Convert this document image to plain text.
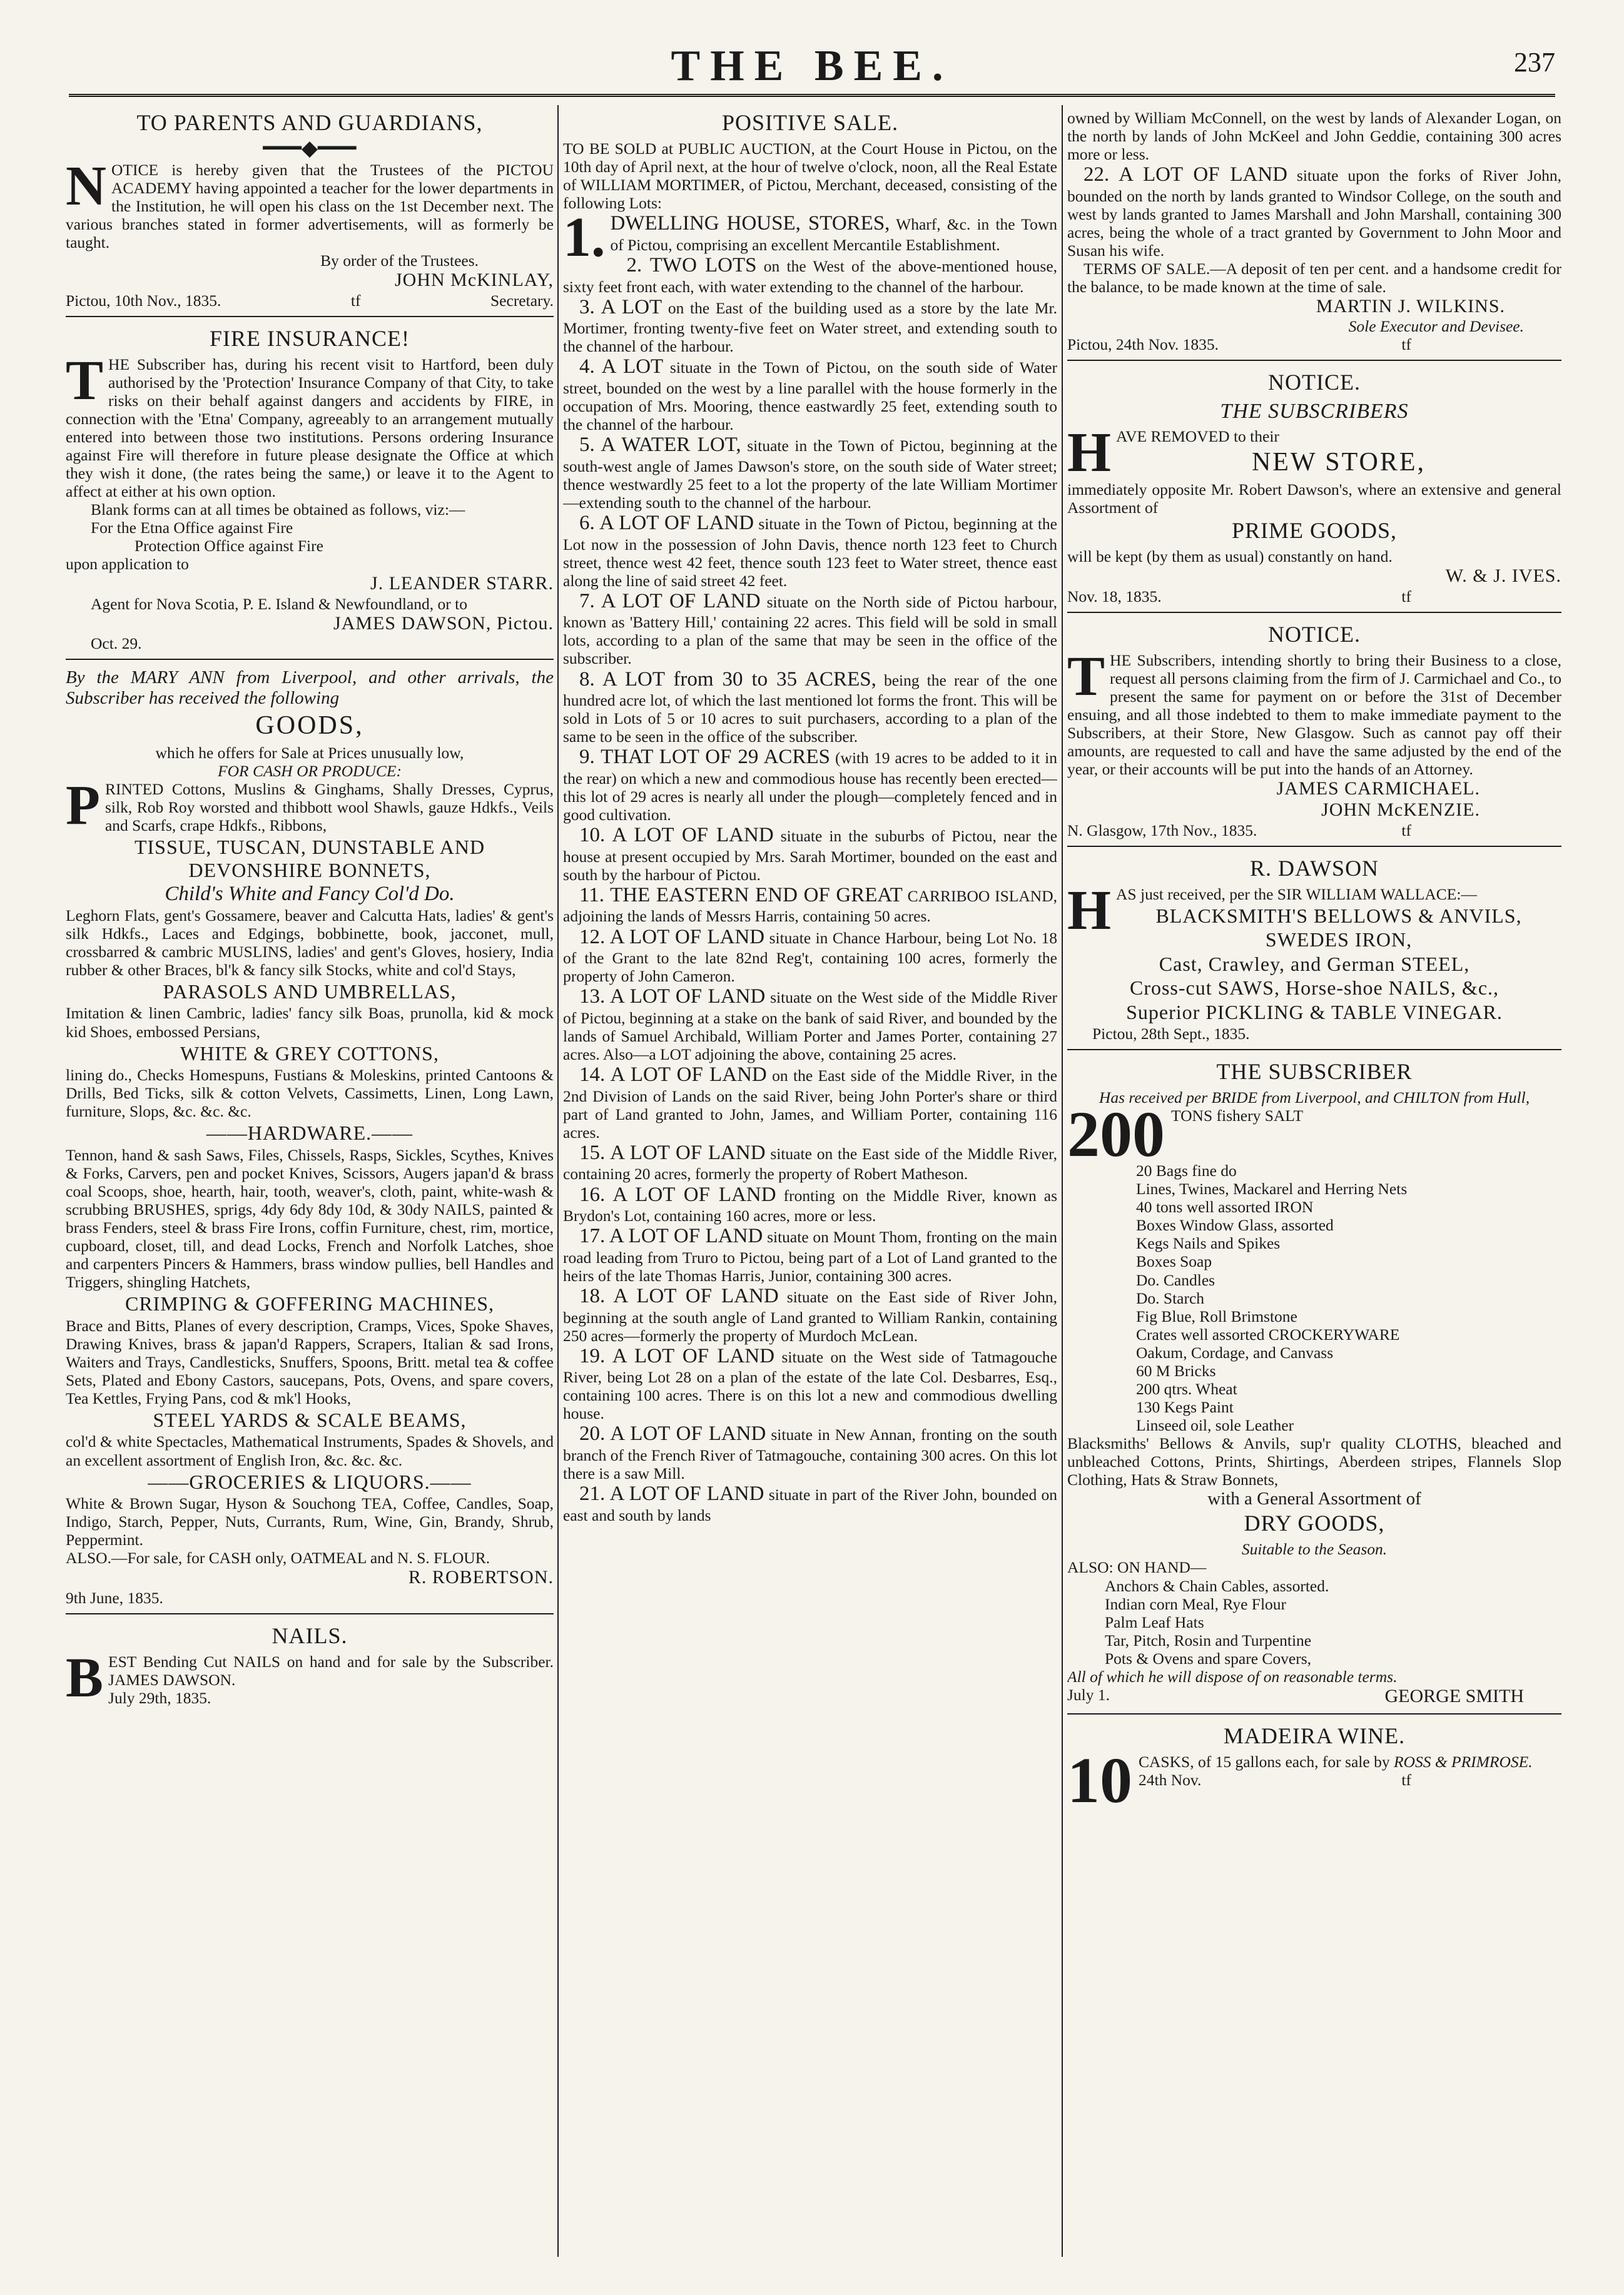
THE BEE.	237
TO PARENTS AND GUARDIANS,
━━━◆━━━

NOTICE is hereby given that the Trustees of the PICTOU ACADEMY having appointed a teacher for the lower departments in the Institution, he will open his class on the 1st December next. The various branches stated in former advertisements, will as formerly be taught.

By order of the Trustees.

JOHN McKINLAY,

Pictou, 10th Nov., 1835.	tf	Secretary.
FIRE INSURANCE!

THE Subscriber has, during his recent visit to Hartford, been duly authorised by the 'Protection' Insurance Company of that City, to take risks on their behalf against dangers and accidents by FIRE, in connection with the 'Etna' Company, agreeably to an arrangement mutually entered into between those two institutions. Persons ordering Insurance against Fire will therefore in future please designate the Office at which they wish it done, (the rates being the same,) or leave it to the Agent to affect at either at his own option.

Blank forms can at all times be obtained as follows, viz:—

For the Etna Office against Fire

Protection Office against Fire

upon application to

J. LEANDER STARR.

Agent for Nova Scotia, P. E. Island & Newfoundland, or to

JAMES DAWSON, Pictou.

Oct. 29.

By the MARY ANN from Liverpool, and other arrivals, the Subscriber has received the following

GOODS,

which he offers for Sale at Prices unusually low,

FOR CASH OR PRODUCE:

PRINTED Cottons, Muslins & Ginghams, Shally Dresses, Cyprus, silk, Rob Roy worsted and thibbott wool Shawls, gauze Hdkfs., Veils and Scarfs, crape Hdkfs., Ribbons,

TISSUE, TUSCAN, DUNSTABLE AND DEVONSHIRE BONNETS,

Child's White and Fancy Col'd Do.

Leghorn Flats, gent's Gossamere, beaver and Calcutta Hats, ladies' & gent's silk Hdkfs., Laces and Edgings, bobbinette, book, jacconet, mull, crossbarred & cambric MUSLINS, ladies' and gent's Gloves, hosiery, India rubber & other Braces, bl'k & fancy silk Stocks, white and col'd Stays,

PARASOLS AND UMBRELLAS,

Imitation & linen Cambric, ladies' fancy silk Boas, prunolla, kid & mock kid Shoes, embossed Persians,

WHITE & GREY COTTONS,

lining do., Checks Homespuns, Fustians & Moleskins, printed Cantoons & Drills, Bed Ticks, silk & cotton Velvets, Cassimetts, Linen, Long Lawn, furniture, Slops, &c. &c. &c.

——HARDWARE.——

Tennon, hand & sash Saws, Files, Chissels, Rasps, Sickles, Scythes, Knives & Forks, Carvers, pen and pocket Knives, Scissors, Augers japan'd & brass coal Scoops, shoe, hearth, hair, tooth, weaver's, cloth, paint, white-wash & scrubbing BRUSHES, sprigs, 4dy 6dy 8dy 10d, & 30dy NAILS, painted & brass Fenders, steel & brass Fire Irons, coffin Furniture, chest, rim, mortice, cupboard, closet, till, and dead Locks, French and Norfolk Latches, shoe and carpenters Pincers & Hammers, brass window pullies, bell Handles and Triggers, shingling Hatchets,

CRIMPING & GOFFERING MACHINES,

Brace and Bitts, Planes of every description, Cramps, Vices, Spoke Shaves, Drawing Knives, brass & japan'd Rappers, Scrapers, Italian & sad Irons, Waiters and Trays, Candlesticks, Snuffers, Spoons, Britt. metal tea & coffee Sets, Plated and Ebony Castors, saucepans, Pots, Ovens, and spare covers, Tea Kettles, Frying Pans, cod & mk'l Hooks,

STEEL YARDS & SCALE BEAMS,

col'd & white Spectacles, Mathematical Instruments, Spades & Shovels, and an excellent assortment of English Iron, &c. &c. &c.

——GROCERIES & LIQUORS.——

White & Brown Sugar, Hyson & Souchong TEA, Coffee, Candles, Soap, Indigo, Starch, Pepper, Nuts, Currants, Rum, Wine, Gin, Brandy, Shrub, Peppermint.

ALSO.—For sale, for CASH only, OATMEAL and N. S. FLOUR.

R. ROBERTSON.

9th June, 1835.

NAILS.

BEST Bending Cut NAILS on hand and for sale by the Subscriber. JAMES DAWSON.

July 29th, 1835.

POSITIVE SALE.

TO BE SOLD at PUBLIC AUCTION, at the Court House in Pictou, on the 10th day of April next, at the hour of twelve o'clock, noon, all the Real Estate of WILLIAM MORTIMER, of Pictou, Merchant, deceased, consisting of the following Lots:

1. DWELLING HOUSE, STORES, Wharf, &c. in the Town of Pictou, comprising an excellent Mercantile Establishment.

2. TWO LOTS on the West of the above-mentioned house, sixty feet front each, with water extending to the channel of the harbour.

3. A LOT on the East of the building used as a store by the late Mr. Mortimer, fronting twenty-five feet on Water street, and extending south to the channel of the harbour.

4. A LOT situate in the Town of Pictou, on the south side of Water street, bounded on the west by a line parallel with the house formerly in the occupation of Mrs. Mooring, thence eastwardly 25 feet, extending south to the channel of the harbour.

5. A WATER LOT, situate in the Town of Pictou, beginning at the south-west angle of James Dawson's store, on the south side of Water street; thence westwardly 25 feet to a lot the property of the late William Mortimer—extending south to the channel of the harbour.

6. A LOT OF LAND situate in the Town of Pictou, beginning at the Lot now in the possession of John Davis, thence north 123 feet to Church street, thence west 42 feet, thence south 123 feet to Water street, thence east along the line of said street 42 feet.

7. A LOT OF LAND situate on the North side of Pictou harbour, known as 'Battery Hill,' containing 22 acres. This field will be sold in small lots, according to a plan of the same that may be seen in the office of the subscriber.

8. A LOT from 30 to 35 ACRES, being the rear of the one hundred acre lot, of which the last mentioned lot forms the front. This will be sold in Lots of 5 or 10 acres to suit purchasers, according to a plan of the same to be seen in the office of the subscriber.

9. THAT LOT OF 29 ACRES (with 19 acres to be added to it in the rear) on which a new and commodious house has recently been erected—this lot of 29 acres is nearly all under the plough—completely fenced and in good cultivation.

10. A LOT OF LAND situate in the suburbs of Pictou, near the house at present occupied by Mrs. Sarah Mortimer, bounded on the east and south by the harbour of Pictou.

11. THE EASTERN END OF GREAT CARRIBOO ISLAND, adjoining the lands of Messrs Harris, containing 50 acres.

12. A LOT OF LAND situate in Chance Harbour, being Lot No. 18 of the Grant to the late 82nd Reg't, containing 100 acres, formerly the property of John Cameron.

13. A LOT OF LAND situate on the West side of the Middle River of Pictou, beginning at a stake on the bank of said River, and bounded by the lands of Samuel Archibald, William Porter and James Porter, containing 27 acres. Also—a LOT adjoining the above, containing 25 acres.

14. A LOT OF LAND on the East side of the Middle River, in the 2nd Division of Lands on the said River, being John Porter's share or third part of Land granted to John, James, and William Porter, containing 116 acres.

15. A LOT OF LAND situate on the East side of the Middle River, containing 20 acres, formerly the property of Robert Matheson.

16. A LOT OF LAND fronting on the Middle River, known as Brydon's Lot, containing 160 acres, more or less.

17. A LOT OF LAND situate on Mount Thom, fronting on the main road leading from Truro to Pictou, being part of a Lot of Land granted to the heirs of the late Thomas Harris, Junior, containing 300 acres.

18. A LOT OF LAND situate on the East side of River John, beginning at the south angle of Land granted to William Rankin, containing 250 acres—formerly the property of Murdoch McLean.

19. A LOT OF LAND situate on the West side of Tatmagouche River, being Lot 28 on a plan of the estate of the late Col. Desbarres, Esq., containing 100 acres. There is on this lot a new and commodious dwelling house.

20. A LOT OF LAND situate in New Annan, fronting on the south branch of the French River of Tatmagouche, containing 300 acres. On this lot there is a saw Mill.

21. A LOT OF LAND situate in part of the River John, bounded on east and south by lands

owned by William McConnell, on the west by lands of Alexander Logan, on the north by lands of John McKeel and John Geddie, containing 300 acres more or less.

22. A LOT OF LAND situate upon the forks of River John, bounded on the north by lands granted to Windsor College, on the south and west by lands granted to James Marshall and John Marshall, containing 300 acres, being the whole of a tract granted by Government to John Moor and Susan his wife.

TERMS OF SALE.—A deposit of ten per cent. and a handsome credit for the balance, to be made known at the time of sale.

MARTIN J. WILKINS.

Sole Executor and Devisee.

Pictou, 24th Nov. 1835.	tf
NOTICE.
THE SUBSCRIBERS

HAVE REMOVED to their

NEW STORE,

immediately opposite Mr. Robert Dawson's, where an extensive and general Assortment of

PRIME GOODS,

will be kept (by them as usual) constantly on hand.

W. & J. IVES.

Nov. 18, 1835.	tf
NOTICE.

THE Subscribers, intending shortly to bring their Business to a close, request all persons claiming from the firm of J. Carmichael and Co., to present the same for payment on or before the 31st of December ensuing, and all those indebted to them to make immediate payment to the Subscribers, at their Store, New Glasgow. Such as cannot pay off their amounts, are requested to call and have the same adjusted by the end of the year, or their accounts will be put into the hands of an Attorney.

JAMES CARMICHAEL.

JOHN McKENZIE.

N. Glasgow, 17th Nov., 1835.	tf
R. DAWSON

HAS just received, per the SIR WILLIAM WALLACE:—

BLACKSMITH'S BELLOWS & ANVILS,
SWEDES IRON,
Cast, Crawley, and German STEEL,
Cross-cut SAWS, Horse-shoe NAILS, &c.,
Superior PICKLING & TABLE VINEGAR.

Pictou, 28th Sept., 1835.

THE SUBSCRIBER

Has received per BRIDE from Liverpool, and CHILTON from Hull,

200 TONS fishery SALT

20 Bags fine do
Lines, Twines, Mackarel and Herring Nets
40 tons well assorted IRON
Boxes Window Glass, assorted
Kegs Nails and Spikes
Boxes Soap
Do. Candles
Do. Starch
Fig Blue, Roll Brimstone
Crates well assorted CROCKERYWARE
Oakum, Cordage, and Canvass
60 M Bricks
200 qtrs. Wheat
130 Kegs Paint
Linseed oil, sole Leather

Blacksmiths' Bellows & Anvils, sup'r quality CLOTHS, bleached and unbleached Cottons, Prints, Shirtings, Aberdeen stripes, Flannels Slop Clothing, Hats & Straw Bonnets,

with a General Assortment of

DRY GOODS,

Suitable to the Season.

ALSO: ON HAND—

Anchors & Chain Cables, assorted.
Indian corn Meal, Rye Flour
Palm Leaf Hats
Tar, Pitch, Rosin and Turpentine
Pots & Ovens and spare Covers,

All of which he will dispose of on reasonable terms.

July 1.	GEORGE SMITH
MADEIRA WINE.

10 CASKS, of 15 gallons each, for sale by ROSS & PRIMROSE.

24th Nov.	tf
